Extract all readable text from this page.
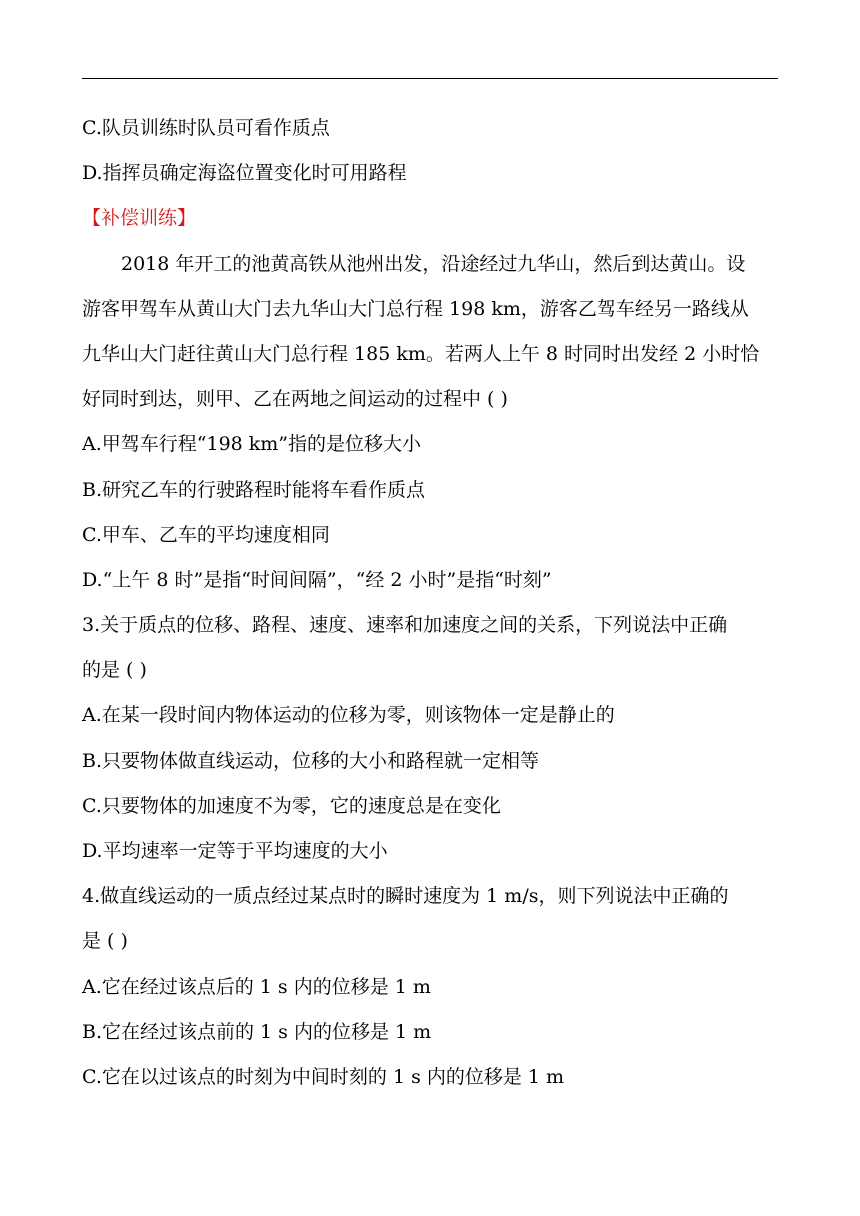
C.队员训练时队员可看作质点
D.指挥员确定海盗位置变化时可用路程
【补偿训练】
2018 年开工的池黄高铁从池州出发，沿途经过九华山，然后到达黄山。设
游客甲驾车从黄山大门去九华山大门总行程 198 km，游客乙驾车经另一路线从
九华山大门赶往黄山大门总行程 185 km。若两人上午 8 时同时出发经 2 小时恰
好同时到达，则甲、乙在两地之间运动的过程中 ( )
A.甲驾车行程“198 km”指的是位移大小
B.研究乙车的行驶路程时能将车看作质点
C.甲车、乙车的平均速度相同
D.“上午 8 时”是指“时间间隔”，“经 2 小时”是指“时刻”
3.关于质点的位移、路程、速度、速率和加速度之间的关系，下列说法中正确
的是 ( )
A.在某一段时间内物体运动的位移为零，则该物体一定是静止的
B.只要物体做直线运动，位移的大小和路程就一定相等
C.只要物体的加速度不为零，它的速度总是在变化
D.平均速率一定等于平均速度的大小
4.做直线运动的一质点经过某点时的瞬时速度为 1 m/s，则下列说法中正确的
是 ( )
A.它在经过该点后的 1 s 内的位移是 1 m
B.它在经过该点前的 1 s 内的位移是 1 m
C.它在以过该点的时刻为中间时刻的 1 s 内的位移是 1 m
